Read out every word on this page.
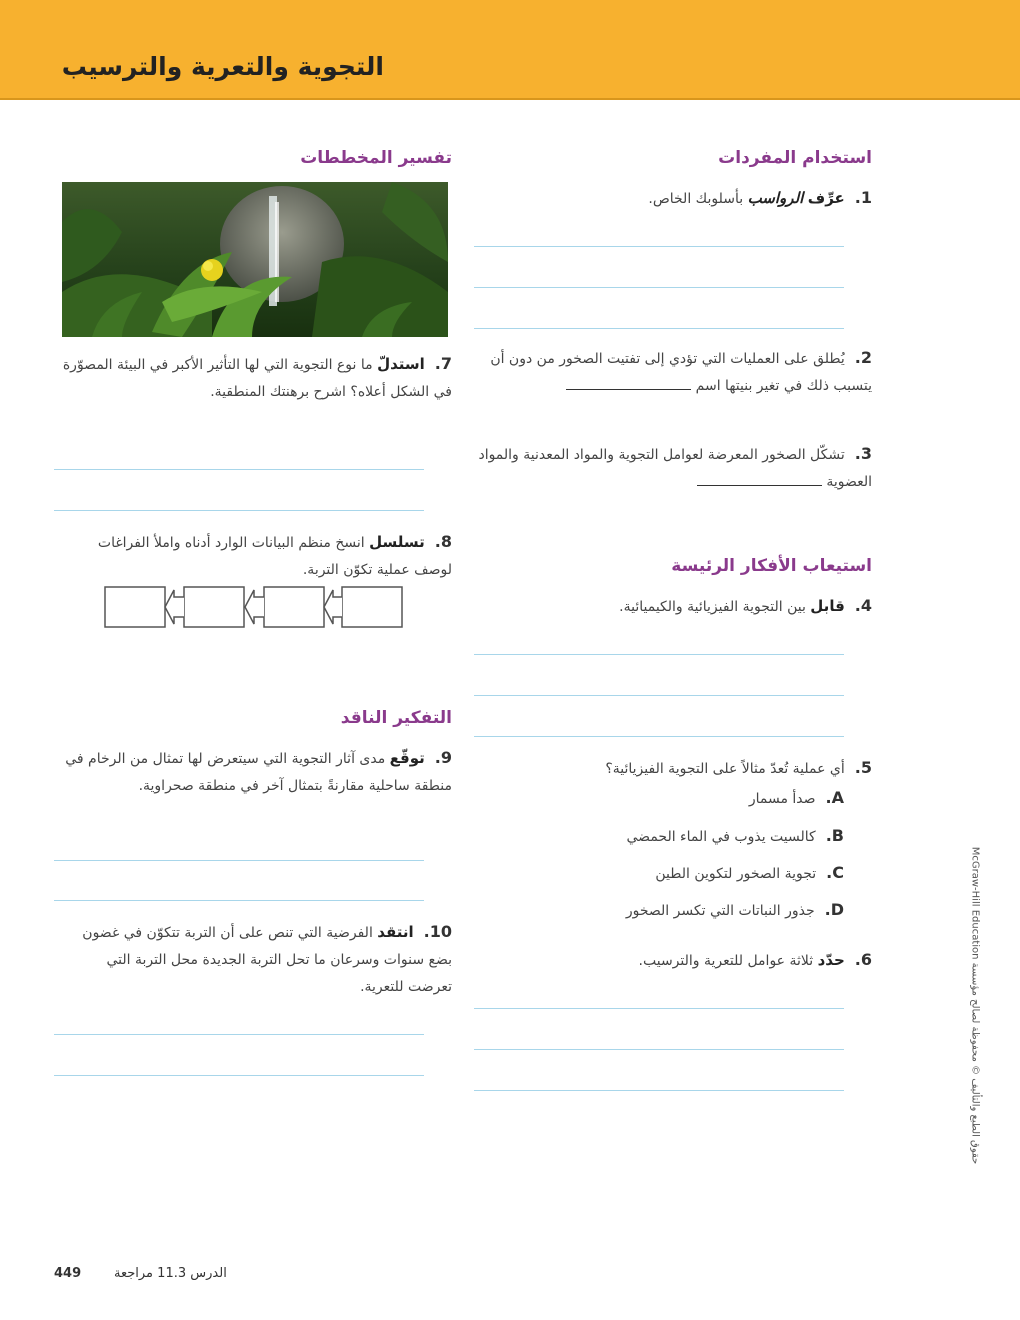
التجوية والتعرية والترسيب
استخدام المفردات
1.عرِّف الرواسب بأسلوبك الخاص.
2.يُطلق على العمليات التي تؤدي إلى تفتيت الصخور من دون أن يتسبب ذلك في تغير بنيتها اسم
3.تشكّل الصخور المعرضة لعوامل التجوية والمواد المعدنية والمواد العضوية
استيعاب الأفكار الرئيسة
4.قابل بين التجوية الفيزيائية والكيميائية.
5.أي عملية تُعدّ مثالاً على التجوية الفيزيائية؟
A.صدأ مسمار
B.كالسيت يذوب في الماء الحمضي
C.تجوية الصخور لتكوين الطين
D.جذور النباتات التي تكسر الصخور
6.حدّد ثلاثة عوامل للتعرية والترسيب.
تفسير المخططات
7.استدلّ ما نوع التجوية التي لها التأثير الأكبر في البيئة المصوّرة في الشكل أعلاه؟ اشرح برهنتك المنطقية.
8.تسلسل انسخ منظم البيانات الوارد أدناه واملأ الفراغات لوصف عملية تكوّن التربة.
التفكير الناقد
9.توقّع مدى آثار التجوية التي سيتعرض لها تمثال من الرخام في منطقة ساحلية مقارنةً بتمثال آخر في منطقة صحراوية.
10.انتقد الفرضية التي تنص على أن التربة تتكوّن في غضون بضع سنوات وسرعان ما تحل التربة الجديدة محل التربة التي تعرضت للتعرية.
حقوق الطبع والتأليف © محفوظة لصالح مؤسسة McGraw-Hill Education
449	الدرس 11.3 مراجعة
